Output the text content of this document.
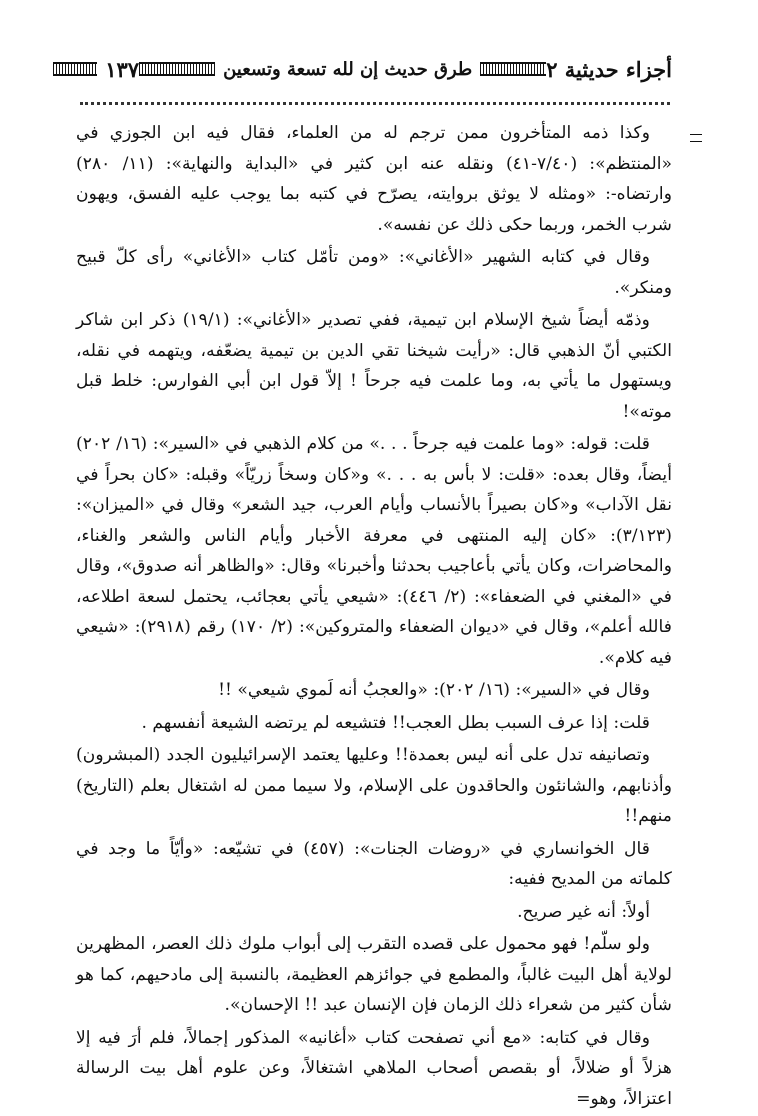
أجزاء حديثية ٢
طرق حديث إن لله تسعة وتسعين
١٣٧

وكذا ذمه المتأخرون ممن ترجم له من العلماء، فقال فيه ابن الجوزي في «المنتظم»: (٧/٤٠-٤١) ونقله عنه ابن كثير في «البداية والنهاية»: (١١/ ٢٨٠) وارتضاه-: «ومثله لا يوثق بروايته، يصرّح في كتبه بما يوجب عليه الفسق، ويهون شرب الخمر، وربما حكى ذلك عن نفسه».

وقال في كتابه الشهير «الأغاني»: «ومن تأمّل كتاب «الأغاني» رأى كلّ قبيح ومنكر».

وذمّه أيضاً شيخ الإسلام ابن تيمية، ففي تصدير «الأغاني»: (١٩/١) ذكر ابن شاكر الكتبي أنّ الذهبي قال: «رأيت شيخنا تقي الدين بن تيمية يضعّفه، ويتهمه في نقله، ويستهول ما يأتي به، وما علمت فيه جرحاً ! إلاّ قول ابن أبي الفوارس: خلط قبل موته»!

قلت: قوله: «وما علمت فيه جرحاً . . .» من كلام الذهبي في «السير»: (١٦/ ٢٠٢) أيضاً، وقال بعده: «قلت: لا بأس به . . .» و«كان وسخاً زريّاً» وقبله: «كان بحراً في نقل الآداب» و«كان بصيراً بالأنساب وأيام العرب، جيد الشعر» وقال في «الميزان»: (٣/١٢٣): «كان إليه المنتهى في معرفة الأخبار وأيام الناس والشعر والغناء، والمحاضرات، وكان يأتي بأعاجيب بحدثنا وأخبرنا» وقال: «والظاهر أنه صدوق»، وقال في «المغني في الضعفاء»: (٢/ ٤٤٦): «شيعي يأتي بعجائب، يحتمل لسعة اطلاعه، فالله أعلم»، وقال في «ديوان الضعفاء والمتروكين»: (٢/ ١٧٠) رقم (٢٩١٨): «شيعي فيه كلام».

وقال في «السير»: (١٦/ ٢٠٢): «والعجبُ أنه لَموي شيعي» !!

قلت: إذا عرف السبب بطل العجب!! فتشيعه لم يرتضه الشيعة أنفسهم .

وتصانيفه تدل على أنه ليس بعمدة!! وعليها يعتمد الإسرائيليون الجدد (المبشرون) وأذنابهم، والشانئون والحاقدون على الإسلام، ولا سيما ممن له اشتغال بعلم (التاريخ) منهم!!

قال الخوانساري في «روضات الجنات»: (٤٥٧) في تشيّعه: «وأيّاً ما وجد في كلماته من المديح ففيه:

أولاً: أنه غير صريح.

ولو سلّم! فهو محمول على قصده التقرب إلى أبواب ملوك ذلك العصر، المظهرين لولاية أهل البيت غالباً، والمطمع في جوائزهم العظيمة، بالنسبة إلى مادحيهم، كما هو شأن كثير من شعراء ذلك الزمان فإن الإنسان عبد !! الإحسان».

وقال في كتابه: «مع أني تصفحت كتاب «أغانيه» المذكور إجمالاً، فلم أرَ فيه إلا هزلاً أو ضلالاً، أو بقصص أصحاب الملاهي اشتغالاً، وعن علوم أهل بيت الرسالة اعتزالاً، وهو=
